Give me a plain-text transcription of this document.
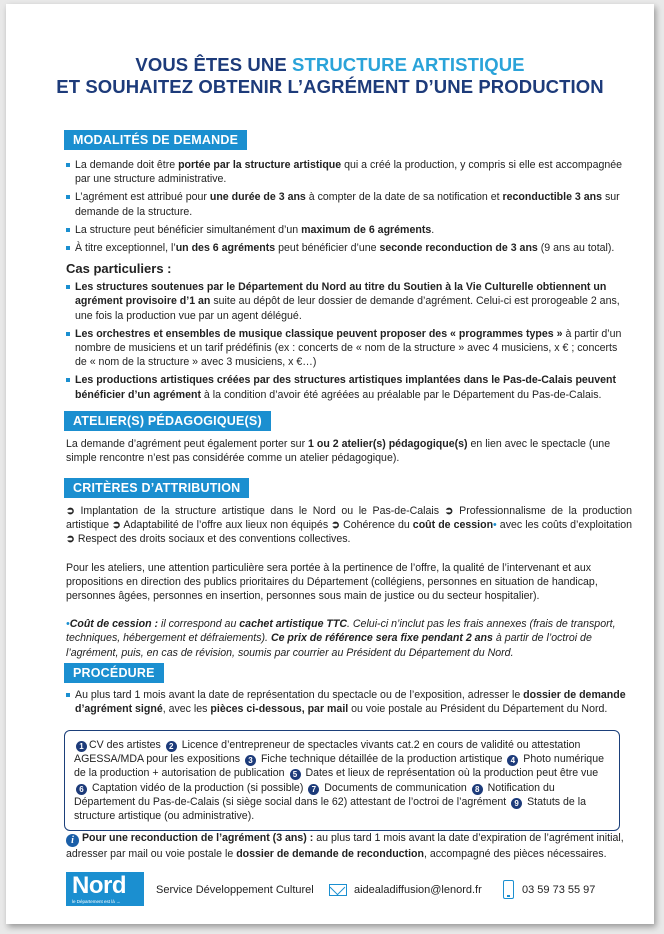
VOUS ÊTES UNE STRUCTURE ARTISTIQUE
ET SOUHAITEZ OBTENIR L’AGRÉMENT D’UNE PRODUCTION
MODALITÉS DE DEMANDE

La demande doit être portée par la structure artistique qui a créé la production, y compris si elle est accompagnée par une structure administrative.

L’agrément est attribué pour une durée de 3 ans à compter de la date de sa notification et reconductible 3 ans sur demande de la structure.

La structure peut bénéficier simultanément d’un maximum de 6 agréments.

À titre exceptionnel, l’un des 6 agréments peut bénéficier d’une seconde reconduction de 3 ans (9 ans au total).

Cas particuliers :

Les structures soutenues par le Département du Nord au titre du Soutien à la Vie Culturelle obtiennent un agrément provisoire d’1 an suite au dépôt de leur dossier de demande d’agrément. Celui-ci est prorogeable 2 ans, une fois la production vue par un agent délégué.

Les orchestres et ensembles de musique classique peuvent proposer des « programmes types » à partir d’un nombre de musiciens et un tarif prédéfinis (ex : concerts de « nom de la structure » avec 4 musiciens, x € ; concerts de « nom de la structure » avec 3 musiciens, x €…)

Les productions artistiques créées par des structures artistiques implantées dans le Pas-de-Calais peuvent bénéficier d’un agrément à la condition d’avoir été agréées au préalable par le Département du Pas-de-Calais.

ATELIER(S) PÉDAGOGIQUE(S)

La demande d’agrément peut également porter sur 1 ou 2 atelier(s) pédagogique(s) en lien avec le spectacle (une simple rencontre n’est pas considérée comme un atelier pédagogique).

CRITÈRES D’ATTRIBUTION

➲ Implantation de la structure artistique dans le Nord ou le Pas-de-Calais ➲ Professionnalisme de la production artistique ➲ Adaptabilité de l’offre aux lieux non équipés ➲ Cohérence du coût de cession• avec les coûts d’exploitation ➲ Respect des droits sociaux et des conventions collectives.

Pour les ateliers, une attention particulière sera portée à la pertinence de l’offre, la qualité de l’intervenant et aux propositions en direction des publics prioritaires du Département (collégiens, personnes en situation de handicap, personnes âgées, personnes en insertion, personnes sous main de justice ou du secteur hospitalier).

•Coût de cession : il correspond au cachet artistique TTC. Celui-ci n’inclut pas les frais annexes (frais de transport, techniques, hébergement et défraiements). Ce prix de référence sera fixe pendant 2 ans à partir de l’octroi de l’agrément, puis, en cas de révision, soumis par courrier au Président du Département du Nord.

PROCÉDURE

Au plus tard 1 mois avant la date de représentation du spectacle ou de l’exposition, adresser le dossier de demande d’agrément signé, avec les pièces ci-dessous, par mail ou voie postale au Président du Département du Nord.

1 CV des artistes 2 Licence d’entrepreneur de spectacles vivants cat.2 en cours de validité ou attestation AGESSA/MDA pour les expositions 3 Fiche technique détaillée de la production artistique 4 Photo numérique de la production + autorisation de publication 5 Dates et lieux de représentation où la production peut être vue 6 Captation vidéo de la production (si possible) 7 Documents de communication 8 Notification du Département du Pas-de-Calais (si siège social dans le 62) attestant de l’octroi de l’agrément 9 Statuts de la structure artistique (ou administrative).

i Pour une reconduction de l’agrément (3 ans) : au plus tard 1 mois avant la date d’expiration de l’agrément initial, adresser par mail ou voie postale le dossier de demande de reconduction, accompagné des pièces nécessaires.

Nord
le Département est là →
Service Développement Culturel	aidealadiffusion@lenord.fr	03 59 73 55 97
